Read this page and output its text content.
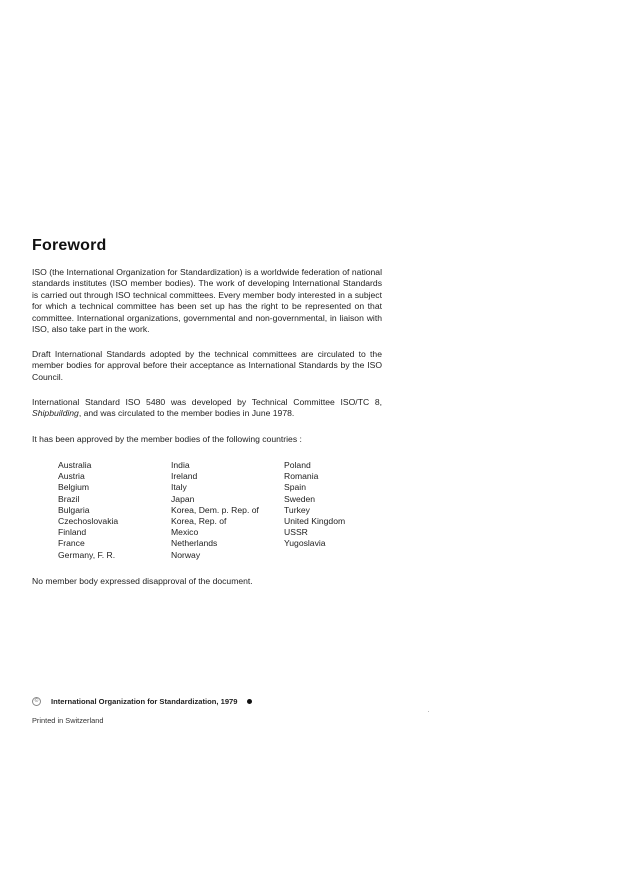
Foreword

ISO (the International Organization for Standardization) is a worldwide federation of national standards institutes (ISO member bodies). The work of developing International Standards is carried out through ISO technical committees. Every member body interested in a subject for which a technical committee has been set up has the right to be represented on that committee. International organizations, governmental and non-governmental, in liaison with ISO, also take part in the work.

Draft International Standards adopted by the technical committees are circulated to the member bodies for approval before their acceptance as International Standards by the ISO Council.

International Standard ISO 5480 was developed by Technical Committee ISO/TC 8, Shipbuilding, and was circulated to the member bodies in June 1978.

It has been approved by the member bodies of the following countries :

Australia
Austria
Belgium
Brazil
Bulgaria
Czechoslovakia
Finland
France
Germany, F. R.
India
Ireland
Italy
Japan
Korea, Dem. p. Rep. of
Korea, Rep. of
Mexico
Netherlands
Norway
Poland
Romania
Spain
Sweden
Turkey
United Kingdom
USSR
Yugoslavia

No member body expressed disapproval of the document.

©	International Organization for Standardization, 1979

Printed in Switzerland
